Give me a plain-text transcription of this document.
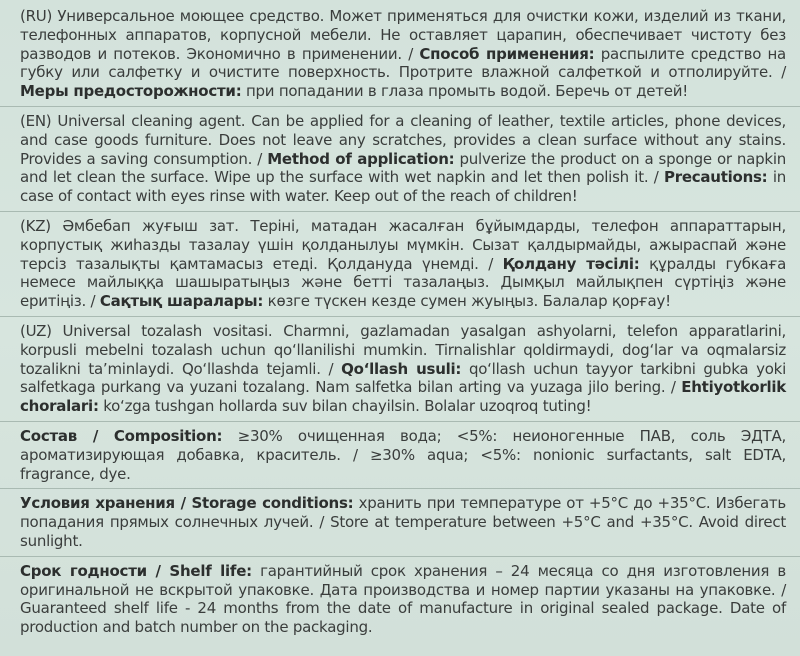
(RU) Универсальное моющее средство. Может применяться для очистки кожи, изделий из ткани, телефонных аппаратов, корпусной мебели. Не оставляет царапин, обеспечивает чистоту без разводов и потеков. Экономично в применении. / Способ применения: распылите средство на губку или салфетку и очистите поверхность. Протрите влажной салфеткой и отполируйте. / Меры предосторожности: при попадании в глаза промыть водой. Беречь от детей!

(EN) Universal cleaning agent. Can be applied for a cleaning of leather, textile articles, phone devices, and case goods furniture. Does not leave any scratches, provides a clean surface without any stains. Provides a saving consumption. / Method of application: pulverize the product on a sponge or napkin and let clean the surface. Wipe up the surface with wet napkin and let then polish it. / Precautions: in case of contact with eyes rinse with water. Keep out of the reach of children!

(KZ) Әмбебап жуғыш зат. Теріні, матадан жасалған бұйымдарды, телефон аппараттарын, корпустық жиһазды тазалау үшін қолданылуы мүмкін. Сызат қалдырмайды, ажыраспай және терсіз тазалықты қамтамасыз етеді. Қолдануда үнемді. / Қолдану тәсілі: құралды губкаға немесе майлыққа шашыратыңыз және бетті тазалаңыз. Дымқыл майлықпен сүртіңіз және еритіңіз. / Сақтық шаралары: көзге түскен кезде сумен жуыңыз. Балалар қорғау!

(UZ) Universal tozalash vositasi. Charmni, gazlamadan yasalgan ashyolarni, telefon apparatlarini, korpusli mebelni tozalash uchun qo‘llanilishi mumkin. Tirnalishlar qoldirmaydi, dog‘lar va oqmalarsiz tozalikni ta’minlaydi. Qo‘llashda tejamli. / Qo‘llash usuli: qo‘llash uchun tayyor tarkibni gubka yoki salfetkaga purkang va yuzani tozalang. Nam salfetka bilan arting va yuzaga jilo bering. / Ehtiyotkorlik choralari: ko‘zga tushgan hollarda suv bilan chayilsin. Bolalar uzoqroq tuting!

Состав / Composition: ≥30% очищенная вода; <5%: неионогенные ПАВ, соль ЭДТА, ароматизирующая добавка, краситель. / ≥30% aqua; <5%: nonionic surfactants, salt EDTA, fragrance, dye.

Условия хранения / Storage conditions: хранить при температуре от +5°С до +35°С. Избегать попадания прямых солнечных лучей. / Store at temperature between +5°С and +35°С. Avoid direct sunlight.

Срок годности / Shelf life: гарантийный срок хранения – 24 месяца со дня изготовления в оригинальной не вскрытой упаковке. Дата производства и номер партии указаны на упаковке. / Guaranteed shelf life - 24 months from the date of manufacture in original sealed package. Date of production and batch number on the packaging.
